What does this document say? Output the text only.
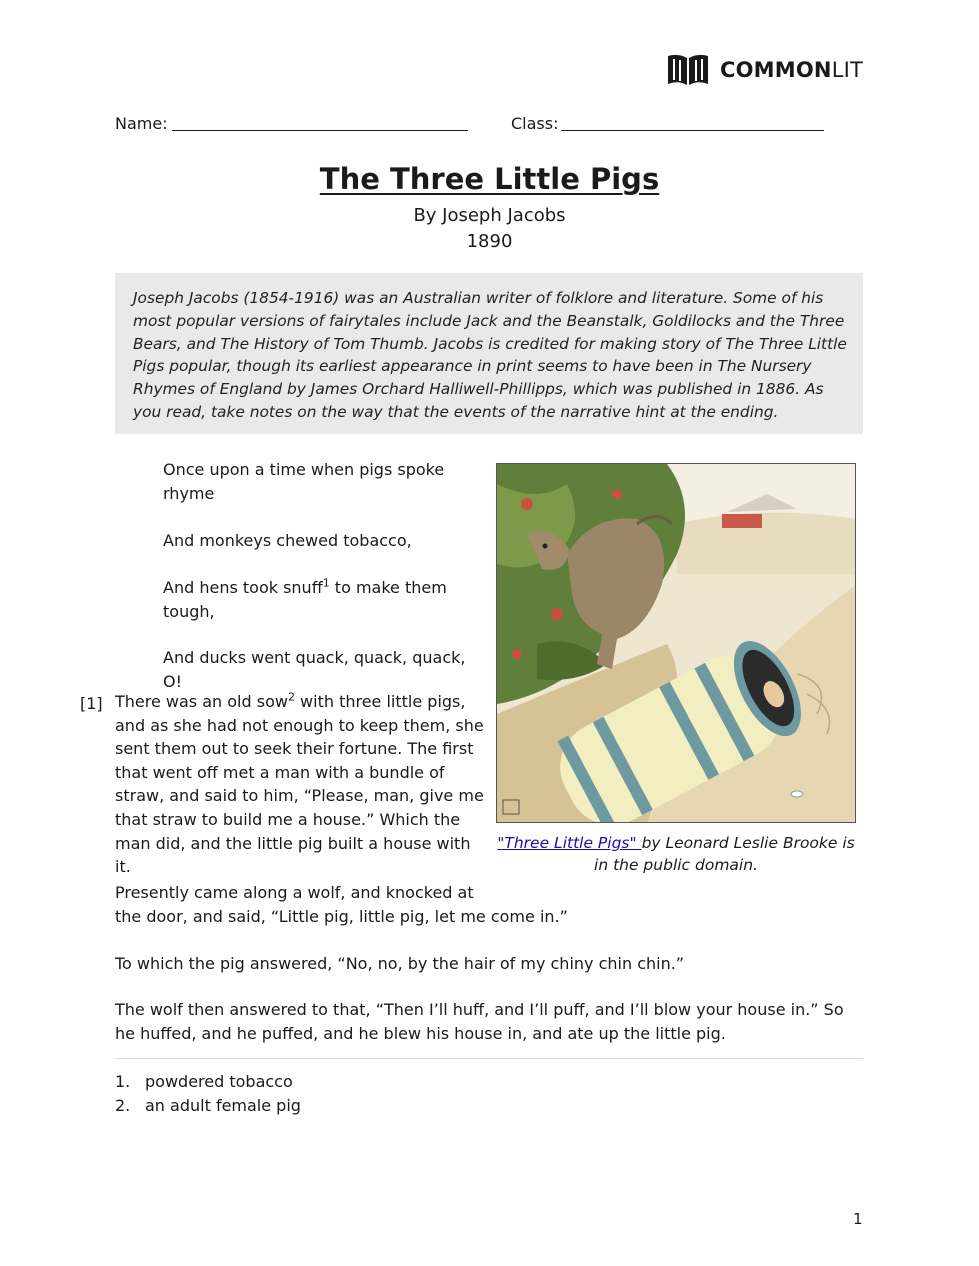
COMMONLIT
Name:	Class:
The Three Little Pigs
By Joseph Jacobs
1890
Joseph Jacobs (1854-1916) was an Australian writer of folklore and literature. Some of his most popular versions of fairytales include Jack and the Beanstalk, Goldilocks and the Three Bears, and The History of Tom Thumb. Jacobs is credited for making story of The Three Little Pigs popular, though its earliest appearance in print seems to have been in The Nursery Rhymes of England by James Orchard Halliwell-Phillipps, which was published in 1886. As you read, take notes on the way that the events of the narrative hint at the ending.
Once upon a time when pigs spoke rhyme
And monkeys chewed tobacco,
And hens took snuff$^1$ to make them tough,
And ducks went quack, quack, quack, O!
[1] There was an old sow$^2$ with three little pigs, and as she had not enough to keep them, she sent them out to seek their fortune. The first that went off met a man with a bundle of straw, and said to him, “Please, man, give me that straw to build me a house.” Which the man did, and the little pig built a house with it.
"Three Little Pigs" by Leonard Leslie Brooke is in the public domain.
Presently came along a wolf, and knocked at
the door, and said, “Little pig, little pig, let me come in.”
To which the pig answered, “No, no, by the hair of my chiny chin chin.”
The wolf then answered to that, “Then I’ll huff, and I’ll puff, and I’ll blow your house in.” So he huffed, and he puffed, and he blew his house in, and ate up the little pig.
1. powdered tobacco
2. an adult female pig
1
